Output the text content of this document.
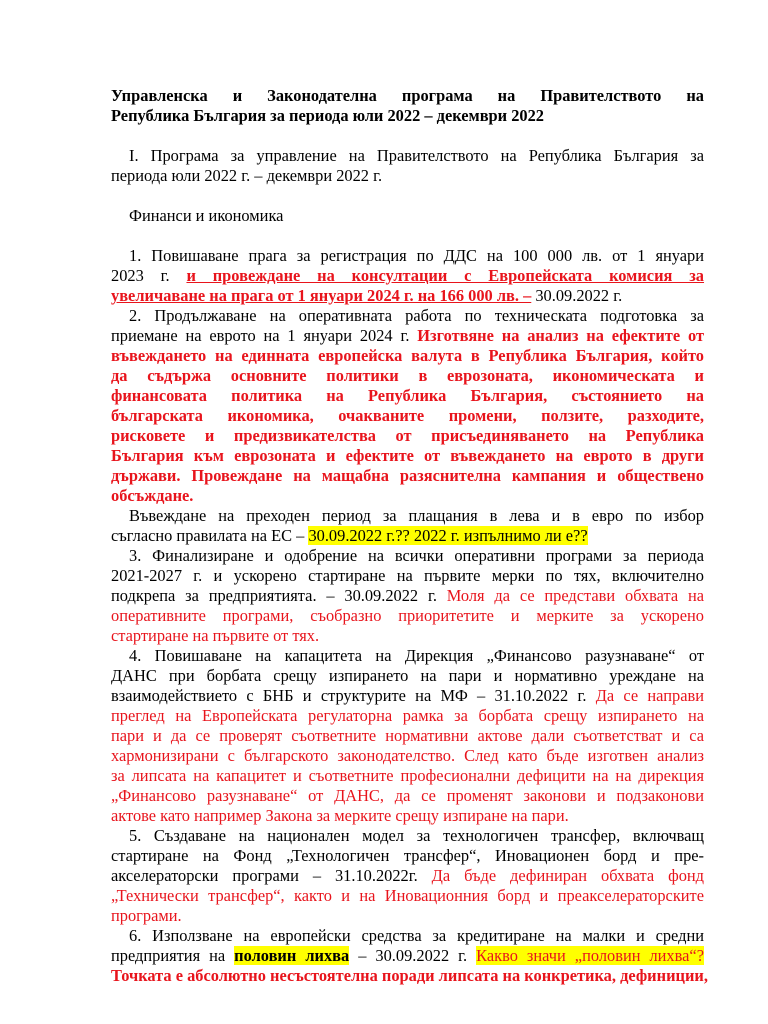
Управленска и Законодателна програма на Правителството на
Република България за периода юли 2022 – декември 2022
I. Програма за управление на Правителството на Република България за
периода юли 2022 г. – декември 2022 г.
Финанси и икономика
1. Повишаване прага за регистрация по ДДС на 100 000 лв. от 1 януари
2023 г. и провеждане на консултации с Европейската комисия за
увеличаване на прага от 1 януари 2024 г. на 166 000 лв. – 30.09.2022 г.
2. Продължаване на оперативната работа по техническата подготовка за
приемане на еврото на 1 януари 2024 г. Изготвяне на анализ на ефектите от
въвеждането на единната европейска валута в Република България, който
да съдържа основните политики в еврозоната, икономическата и
финансовата политика на Република България, състоянието на
българската икономика, очакваните промени, ползите, разходите,
рисковете и предизвикателства от присъединяването на Република
България към еврозоната и ефектите от въвеждането на еврото в други
държави. Провеждане на мащабна разяснителна кампания и обществено
обсъждане.
Въвеждане на преходен период за плащания в лева и в евро по избор
съгласно правилата на ЕС – 30.09.2022 г.?? 2022 г. изпълнимо ли е??
3. Финализиране и одобрение на всички оперативни програми за периода
2021-2027 г. и ускорено стартиране на първите мерки по тях, включително
подкрепа за предприятията. – 30.09.2022 г. Моля да се представи обхвата на
оперативните програми, съобразно приоритетите и мерките за ускорено
стартиране на първите от тях.
4. Повишаване на капацитета на Дирекция „Финансово разузнаване“ от
ДАНС при борбата срещу изпирането на пари и нормативно уреждане на
взаимодействието с БНБ и структурите на МФ – 31.10.2022 г. Да се направи
преглед на Европейската регулаторна рамка за борбата срещу изпирането на
пари и да се проверят съответните нормативни актове дали съответстват и са
хармонизирани с българското законодателство. След като бъде изготвен анализ
за липсата на капацитет и съответните професионални дефицити на на дирекция
„Финансово разузнаване“ от ДАНС, да се променят законови и подзаконови
актове като например Закона за мерките срещу изпиране на пари.
5. Създаване на национален модел за технологичен трансфер, включващ
стартиране на Фонд „Технологичен трансфер“, Иновационен борд и пре-
акселераторски програми – 31.10.2022г. Да бъде дефиниран обхвата фонд
„Технически трансфер“, както и на Иновационния борд и преакселераторските
програми.
6. Използване на европейски средства за кредитиране на малки и средни
предприятия на половин лихва – 30.09.2022 г. Какво значи „половин лихва“?
Точката е абсолютно несъстоятелна поради липсата на конкретика, дефиниции,
